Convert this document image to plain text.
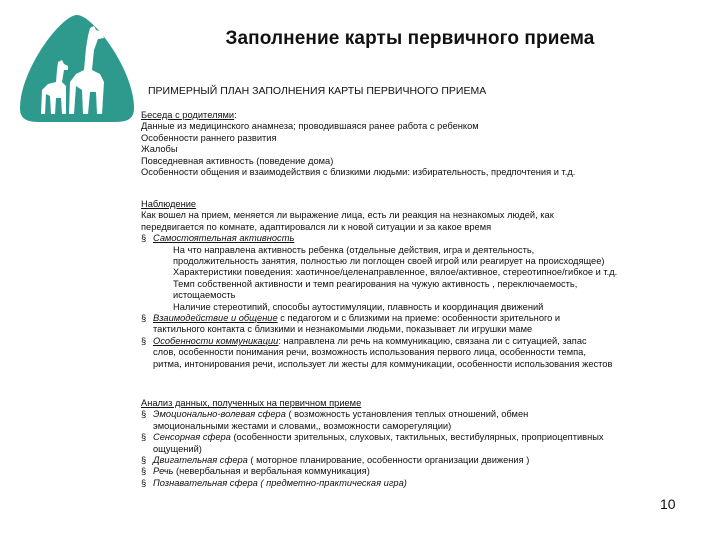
Заполнение карты первичного приема
ПРИМЕРНЫЙ ПЛАН ЗАПОЛНЕНИЯ КАРТЫ ПЕРВИЧНОГО ПРИЕМА
Беседа с родителями:
Данные из медицинского анамнеза; проводившаяся ранее работа с ребенком
Особенности раннего развития
Жалобы
Повседневная активность (поведение дома)
Особенности общения и взаимодействия с близкими людьми: избирательность, предпочтения и т.д.
Наблюдение
Как вошел на прием, меняется ли выражение лица, есть ли реакция на незнакомых людей, как
передвигается по комнате, адаптировался ли к новой ситуации и за какое время
§ Самостоятельная активность
На что направлена активность ребенка (отдельные действия, игра и деятельность,
продолжительность занятия, полностью ли поглощен своей игрой или реагирует на происходящее)
Характеристики поведения: хаотичное/целенаправленное, вялое/активное, стереотипное/гибкое и т.д.
Темп собственной активности и темп реагирования на чужую активность , переключаемость,
истощаемость
Наличие стереотипий, способы аутостимуляции, плавность и координация движений
§ Взаимодействие и общение с педагогом и с близкими на приеме: особенности зрительного и
тактильного контакта с близкими и незнакомыми людьми, показывает ли игрушки маме
§ Особенности коммуникации: направлена ли речь на коммуникацию, связана ли с ситуацией, запас
слов, особенности понимания речи, возможность использования первого лица, особенности темпа,
ритма, интонирования речи, использует ли жесты для коммуникации, особенности использования жестов
Анализ данных, полученных на первичном приеме
§ Эмоционально-волевая сфера ( возможность установления теплых отношений, обмен
эмоциональными жестами и словами,, возможности саморегуляции)
§ Сенсорная сфера (особенности зрительных, слуховых, тактильных, вестибулярных, проприоцептивных
ощущений)
§ Двигательная сфера ( моторное планирование, особенности организации движения )
§ Речь (невербальная и вербальная коммуникация)
§ Познавательная сфера ( предметно-практическая игра)
10
